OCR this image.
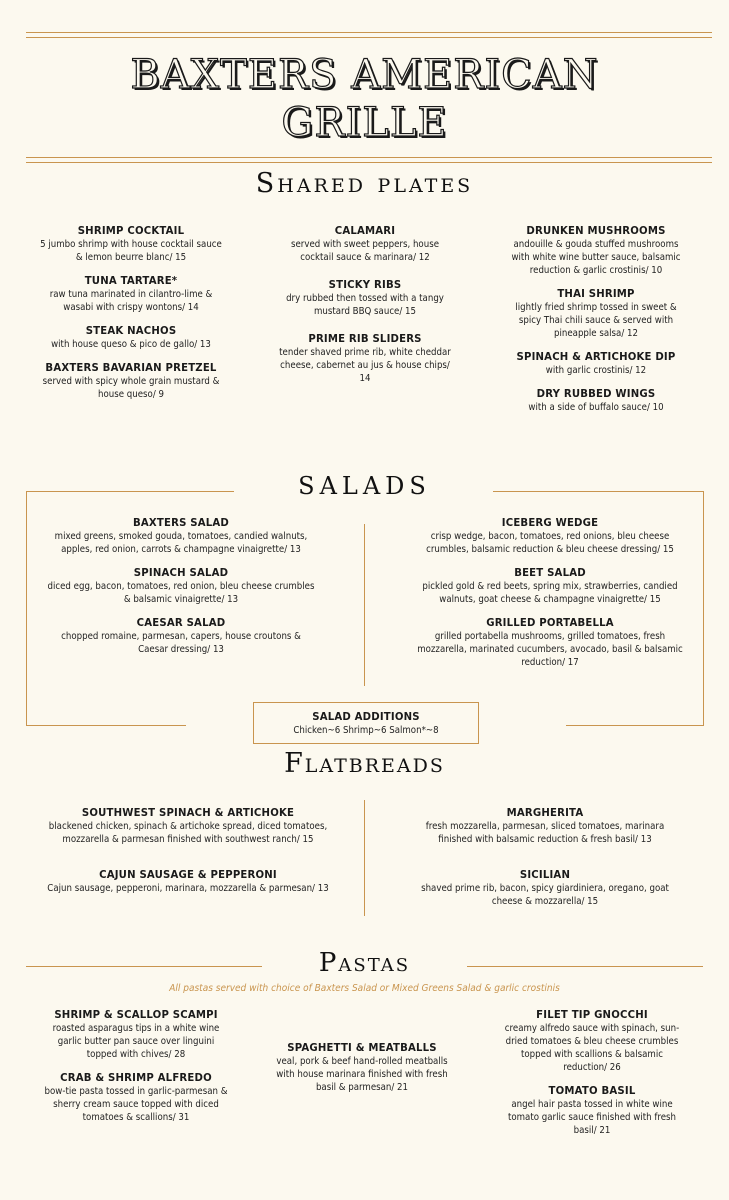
BAXTERS AMERICAN
GRILLE
Shared plates
SHRIMP COCKTAIL
5 jumbo shrimp with house cocktail sauce & lemon beurre blanc/ 15
TUNA TARTARE*
raw tuna marinated in cilantro-lime & wasabi with crispy wontons/ 14
STEAK NACHOS
with house queso & pico de gallo/ 13
BAXTERS BAVARIAN PRETZEL
served with spicy whole grain mustard & house queso/ 9
CALAMARI
served with sweet peppers, house cocktail sauce & marinara/ 12
STICKY RIBS
dry rubbed then tossed with a tangy mustard BBQ sauce/ 15
PRIME RIB SLIDERS
tender shaved prime rib, white cheddar cheese, cabernet au jus & house chips/ 14
DRUNKEN MUSHROOMS
andouille & gouda stuffed mushrooms with white wine butter sauce, balsamic reduction & garlic crostinis/ 10
THAI SHRIMP
lightly fried shrimp tossed in sweet & spicy Thai chili sauce & served with pineapple salsa/ 12
SPINACH & ARTICHOKE DIP
with garlic crostinis/ 12
DRY RUBBED WINGS
with a side of buffalo sauce/ 10
SALADS
BAXTERS SALAD
mixed greens, smoked gouda, tomatoes, candied walnuts, apples, red onion, carrots & champagne vinaigrette/ 13
SPINACH SALAD
diced egg, bacon, tomatoes, red onion, bleu cheese crumbles & balsamic vinaigrette/ 13
CAESAR SALAD
chopped romaine, parmesan, capers, house croutons & Caesar dressing/ 13
ICEBERG WEDGE
crisp wedge, bacon, tomatoes, red onions, bleu cheese crumbles, balsamic reduction & bleu cheese dressing/ 15
BEET SALAD
pickled gold & red beets, spring mix, strawberries, candied walnuts, goat cheese & champagne vinaigrette/ 15
GRILLED PORTABELLA
grilled portabella mushrooms, grilled tomatoes, fresh mozzarella, marinated cucumbers, avocado, basil & balsamic reduction/ 17
SALAD ADDITIONS
Chicken~6 Shrimp~6 Salmon*~8
Flatbreads
SOUTHWEST SPINACH & ARTICHOKE
blackened chicken, spinach & artichoke spread, diced tomatoes, mozzarella & parmesan finished with southwest ranch/ 15
CAJUN SAUSAGE & PEPPERONI
Cajun sausage, pepperoni, marinara, mozzarella & parmesan/ 13
MARGHERITA
fresh mozzarella, parmesan, sliced tomatoes, marinara finished with balsamic reduction & fresh basil/ 13
SICILIAN
shaved prime rib, bacon, spicy giardiniera, oregano, goat cheese & mozzarella/ 15
Pastas
All pastas served with choice of Baxters Salad or Mixed Greens Salad & garlic crostinis
SHRIMP & SCALLOP SCAMPI
roasted asparagus tips in a white wine garlic butter pan sauce over linguini topped with chives/ 28
CRAB & SHRIMP ALFREDO
bow-tie pasta tossed in garlic-parmesan & sherry cream sauce topped with diced tomatoes & scallions/ 31
SPAGHETTI & MEATBALLS
veal, pork & beef hand-rolled meatballs with house marinara finished with fresh basil & parmesan/ 21
FILET TIP GNOCCHI
creamy alfredo sauce with spinach, sun-dried tomatoes & bleu cheese crumbles topped with scallions & balsamic reduction/ 26
TOMATO BASIL
angel hair pasta tossed in white wine tomato garlic sauce finished with fresh basil/ 21
